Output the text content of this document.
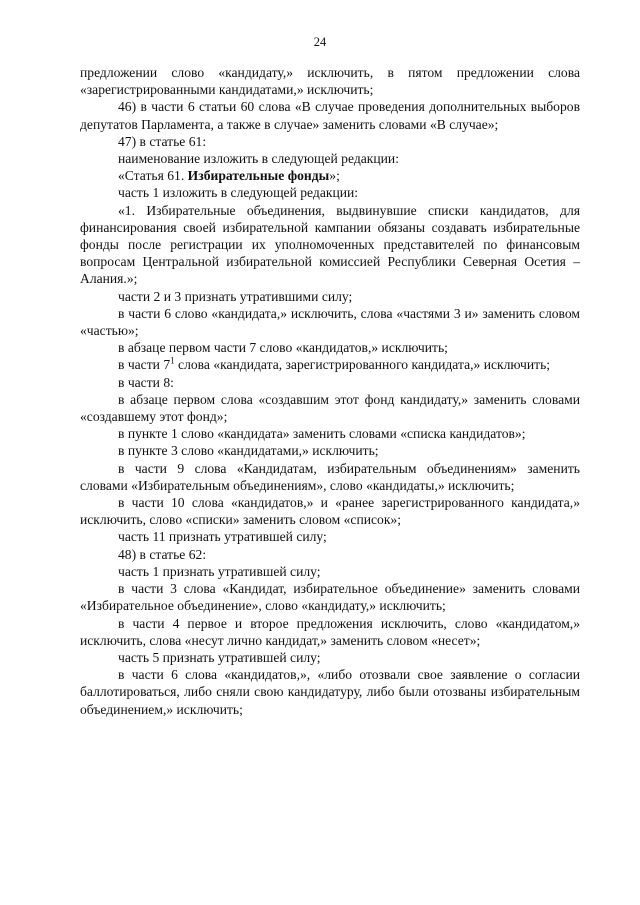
24

предложении слово «кандидату,» исключить, в пятом предложении слова «зарегистрированными кандидатами,» исключить;

46) в части 6 статьи 60 слова «В случае проведения дополнительных выборов депутатов Парламента, а также в случае» заменить словами «В случае»;

47) в статье 61:

наименование изложить в следующей редакции:

«Статья 61. Избирательные фонды»;

часть 1 изложить в следующей редакции:

«1. Избирательные объединения, выдвинувшие списки кандидатов, для финансирования своей избирательной кампании обязаны создавать избирательные фонды после регистрации их уполномоченных представителей по финансовым вопросам Центральной избирательной комиссией Республики Северная Осетия – Алания.»;

части 2 и 3 признать утратившими силу;

в части 6 слово «кандидата,» исключить, слова «частями 3 и» заменить словом «частью»;

в абзаце первом части 7 слово «кандидатов,» исключить;

в части $7^1$ слова «кандидата, зарегистрированного кандидата,» исключить;

в части 8:

в абзаце первом слова «создавшим этот фонд кандидату,» заменить словами «создавшему этот фонд»;

в пункте 1 слово «кандидата» заменить словами «списка кандидатов»;

в пункте 3 слово «кандидатами,» исключить;

в части 9 слова «Кандидатам, избирательным объединениям» заменить словами «Избирательным объединениям», слово «кандидаты,» исключить;

в части 10 слова «кандидатов,» и «ранее зарегистрированного кандидата,» исключить, слово «списки» заменить словом «список»;

часть 11 признать утратившей силу;

48) в статье 62:

часть 1 признать утратившей силу;

в части 3 слова «Кандидат, избирательное объединение» заменить словами «Избирательное объединение», слово «кандидату,» исключить;

в части 4 первое и второе предложения исключить, слово «кандидатом,» исключить, слова «несут лично кандидат,» заменить словом «несет»;

часть 5 признать утратившей силу;

в части 6 слова «кандидатов,», «либо отозвали свое заявление о согласии баллотироваться, либо сняли свою кандидатуру, либо были отозваны избирательным объединением,» исключить;
